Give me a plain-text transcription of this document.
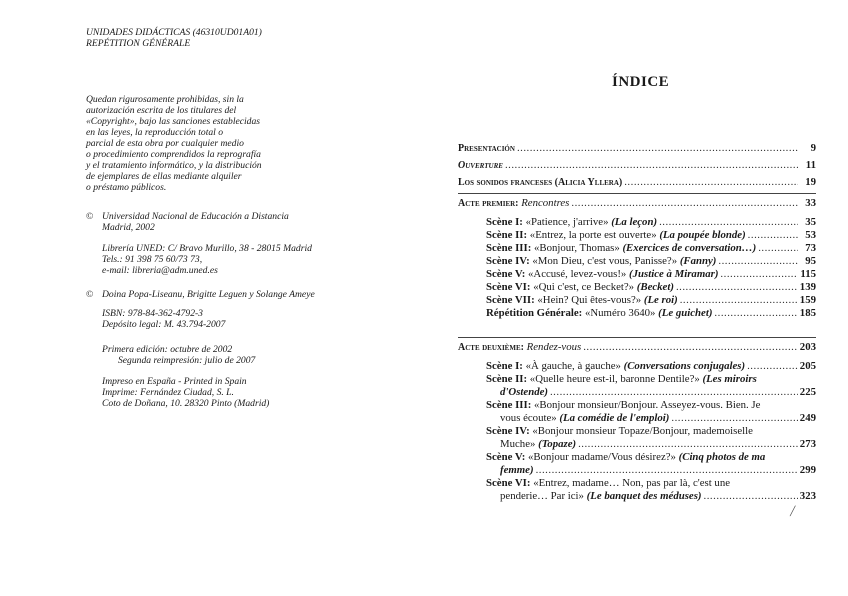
UNIDADES DIDÁCTICAS (46310UD01A01)
REPÉTITION GÉNÉRALE
Quedan rigurosamente prohibidas, sin la
autorización escrita de los titulares del
«Copyright», bajo las sanciones establecidas
en las leyes, la reproducción total o
parcial de esta obra por cualquier medio
o procedimiento comprendidos la reprografía
y el tratamiento informático, y la distribución
de ejemplares de ellas mediante alquiler
o préstamo públicos.
© Universidad Nacional de Educación a Distancia
Madrid, 2002
Librería UNED: C/ Bravo Murillo, 38 - 28015 Madrid
Tels.: 91 398 75 60/73 73,
e-mail: libreria@adm.uned.es
© Doina Popa-Liseanu, Brigitte Leguen y Solange Ameye
ISBN: 978-84-362-4792-3
Depósito legal: M. 43.794-2007
Primera edición: octubre de 2002
Segunda reimpresión: julio de 2007
Impreso en España - Printed in Spain
Imprime: Fernández Ciudad, S. L.
Coto de Doñana, 10. 28320 Pinto (Madrid)
ÍNDICE
Presentación .....	9
Ouverture .....	11
Los sonidos franceses (Alicia Yllera) .....	19
Acte premier: Rencontres .....	33
Scène I: «Patience, j'arrive» (La leçon) .....	35
Scène II: «Entrez, la porte est ouverte» (La poupée blonde) .....	53
Scène III: «Bonjour, Thomas» (Exercices de conversation…) .....	73
Scène IV: «Mon Dieu, c'est vous, Panisse?» (Fanny) .....	95
Scène V: «Accusé, levez-vous!» (Justice à Miramar) .....	115
Scène VI: «Qui c'est, ce Becket?» (Becket) .....	139
Scène VII: «Hein? Qui êtes-vous?» (Le roi) .....	159
Répétition Générale: «Numéro 3640» (Le guichet) .....	185
Acte deuxième: Rendez-vous .....	203
Scène I: «À gauche, à gauche» (Conversations conjugales) .....	205
Scène II: «Quelle heure est-il, baronne Dentile?» (Les miroirs
d'Ostende) .....	225
Scène III: «Bonjour monsieur/Bonjour. Asseyez-vous. Bien. Je
vous écoute» (La comédie de l'emploi) .....	249
Scène IV: «Bonjour monsieur Topaze/Bonjour, mademoiselle
Muche» (Topaze) .....	273
Scène V: «Bonjour madame/Vous désirez?» (Cinq photos de ma
femme) .....	299
Scène VI: «Entrez, madame… Non, pas par là, c'est une
penderie… Par ici» (Le banquet des méduses) .....	323
╱
